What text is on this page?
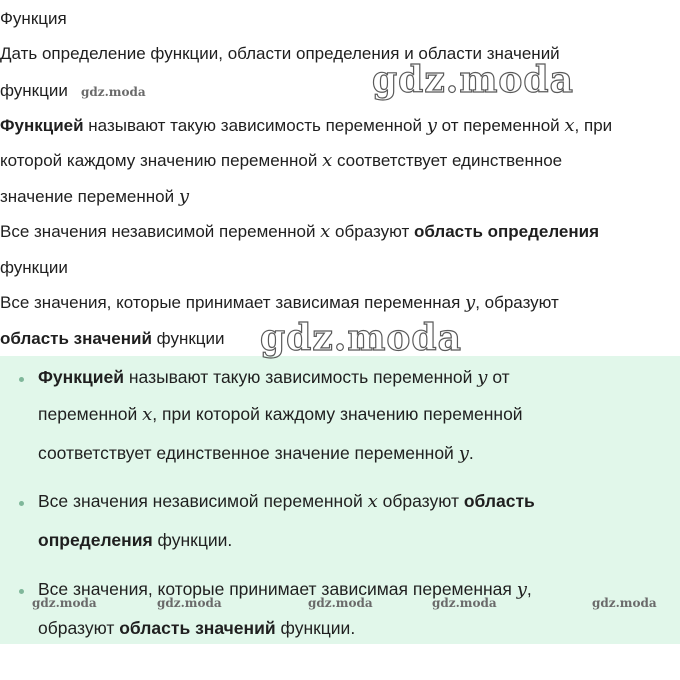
Функция
Дать определение функции, области определения и области значений
функции
Функцией называют такую зависимость переменной y от переменной x, при
которой каждому значению переменной x соответствует единственное
значение переменной y
Все значения независимой переменной x образуют область определения
функции
Все значения, которые принимает зависимая переменная y, образуют
область значений функции
Функцией называют такую зависимость переменной y от
переменной x, при которой каждому значению переменной
соответствует единственное значение переменной y.
Все значения независимой переменной x образуют область
определения функции.
Все значения, которые принимает зависимая переменная y,
образуют область значений функции.
gdz.moda	gdz.moda
gdz.moda
gdz.moda	gdz.moda	gdz.moda	gdz.moda	gdz.moda
